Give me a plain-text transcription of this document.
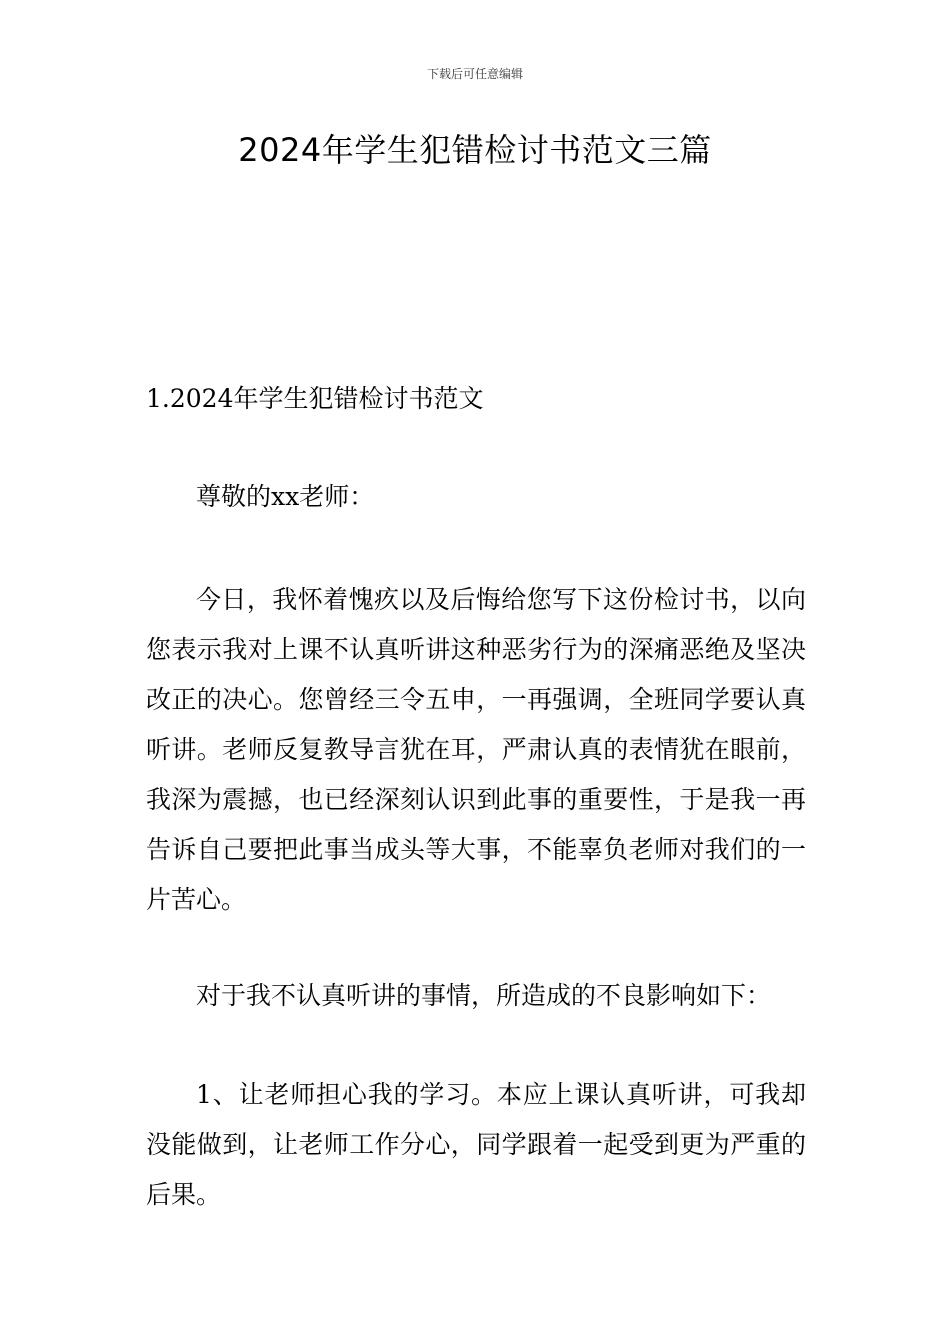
下载后可任意编辑
2024年学生犯错检讨书范文三篇

1.2024年学生犯错检讨书范文

尊敬的xx老师：

今日，我怀着愧疚以及后悔给您写下这份检讨书，以向您表示我对上课不认真听讲这种恶劣行为的深痛恶绝及坚决改正的决心。您曾经三令五申，一再强调，全班同学要认真听讲。老师反复教导言犹在耳，严肃认真的表情犹在眼前，我深为震撼，也已经深刻认识到此事的重要性，于是我一再告诉自己要把此事当成头等大事，不能辜负老师对我们的一片苦心。

对于我不认真听讲的事情，所造成的不良影响如下：

1、让老师担心我的学习。本应上课认真听讲，可我却没能做到，让老师工作分心，同学跟着一起受到更为严重的后果。
